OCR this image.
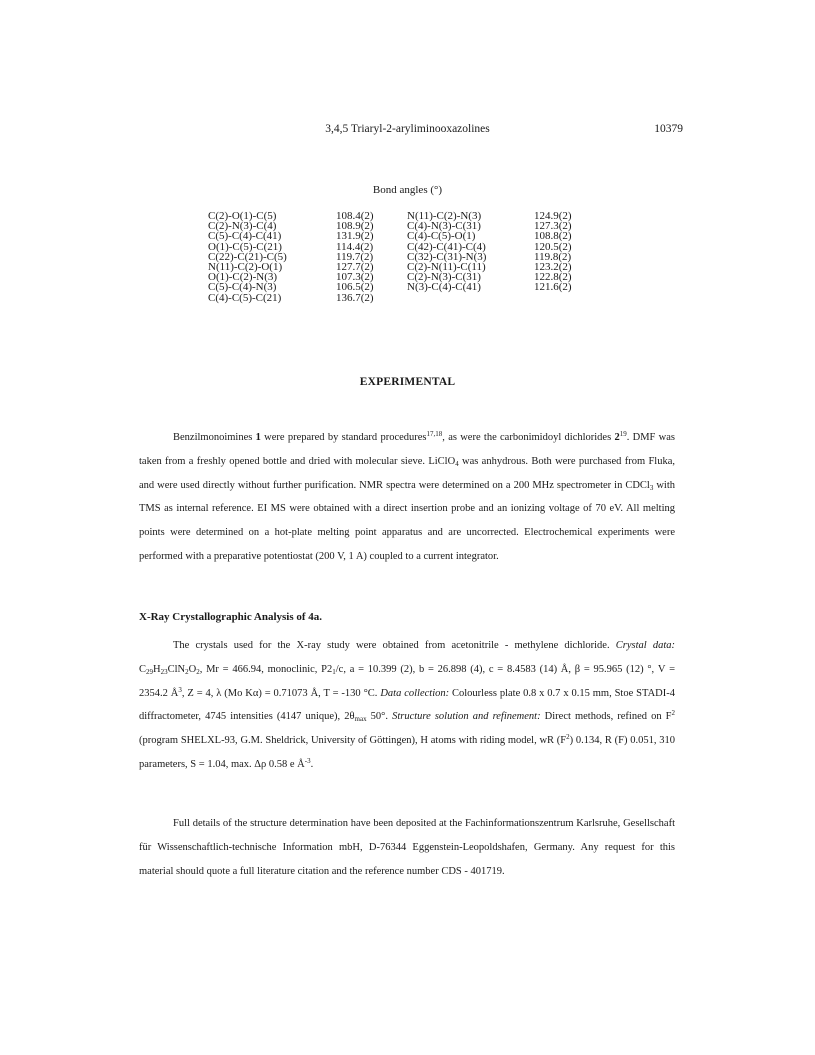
3,4,5 Triaryl-2-aryliminooxazolines	10379
Bond angles (°)
C(2)-O(1)-C(5)	108.4(2)	N(11)-C(2)-N(3)	124.9(2)
C(2)-N(3)-C(4)	108.9(2)	C(4)-N(3)-C(31)	127.3(2)
C(5)-C(4)-C(41)	131.9(2)	C(4)-C(5)-O(1)	108.8(2)
O(1)-C(5)-C(21)	114.4(2)	C(42)-C(41)-C(4)	120.5(2)
C(22)-C(21)-C(5)	119.7(2)	C(32)-C(31)-N(3)	119.8(2)
N(11)-C(2)-O(1)	127.7(2)	C(2)-N(11)-C(11)	123.2(2)
O(1)-C(2)-N(3)	107.3(2)	C(2)-N(3)-C(31)	122.8(2)
C(5)-C(4)-N(3)	106.5(2)	N(3)-C(4)-C(41)	121.6(2)
C(4)-C(5)-C(21)	136.7(2)		
EXPERIMENTAL

Benzilmonoimines 1 were prepared by standard procedures$^{17,18}$, as were the carbonimidoyl dichlorides $2^{19}$. DMF was taken from a freshly opened bottle and dried with molecular sieve. LiClO$_4$ was anhydrous. Both were purchased from Fluka, and were used directly without further purification. NMR spectra were determined on a 200 MHz spectrometer in CDCl$_3$ with TMS as internal reference. EI MS were obtained with a direct insertion probe and an ionizing voltage of 70 eV. All melting points were determined on a hot-plate melting point apparatus and are uncorrected. Electrochemical experiments were performed with a preparative potentiostat (200 V, 1 A) coupled to a current integrator.

X-Ray Crystallographic Analysis of 4a.

The crystals used for the X-ray study were obtained from acetonitrile - methylene dichloride. Crystal data: $C_{29}H_{23}ClN_2O_2$, Mr = 466.94, monoclinic, $P2_1/c$, a = 10.399 (2), b = 26.898 (4), c = 8.4583 (14) Å, β = 95.965 (12) °, V = 2354.2 $Å^3$, Z = 4, λ (Mo Kα) = 0.71073 Å, T = -130 °C. Data collection: Colourless plate 0.8 x 0.7 x 0.15 mm, Stoe STADI-4 diffractometer, 4745 intensities (4147 unique), $2\theta_{max}$ 50°. Structure solution and refinement: Direct methods, refined on $F^2$ (program SHELXL-93, G.M. Sheldrick, University of Göttingen), H atoms with riding model, wR $(F^2)$ 0.134, R (F) 0.051, 310 parameters, S = 1.04, max. Δρ 0.58 e $Å^{-3}$.

Full details of the structure determination have been deposited at the Fachinformationszentrum Karlsruhe, Gesellschaft für Wissenschaftlich-technische Information mbH, D-76344 Eggenstein-Leopoldshafen, Germany. Any request for this material should quote a full literature citation and the reference number CDS - 401719.
